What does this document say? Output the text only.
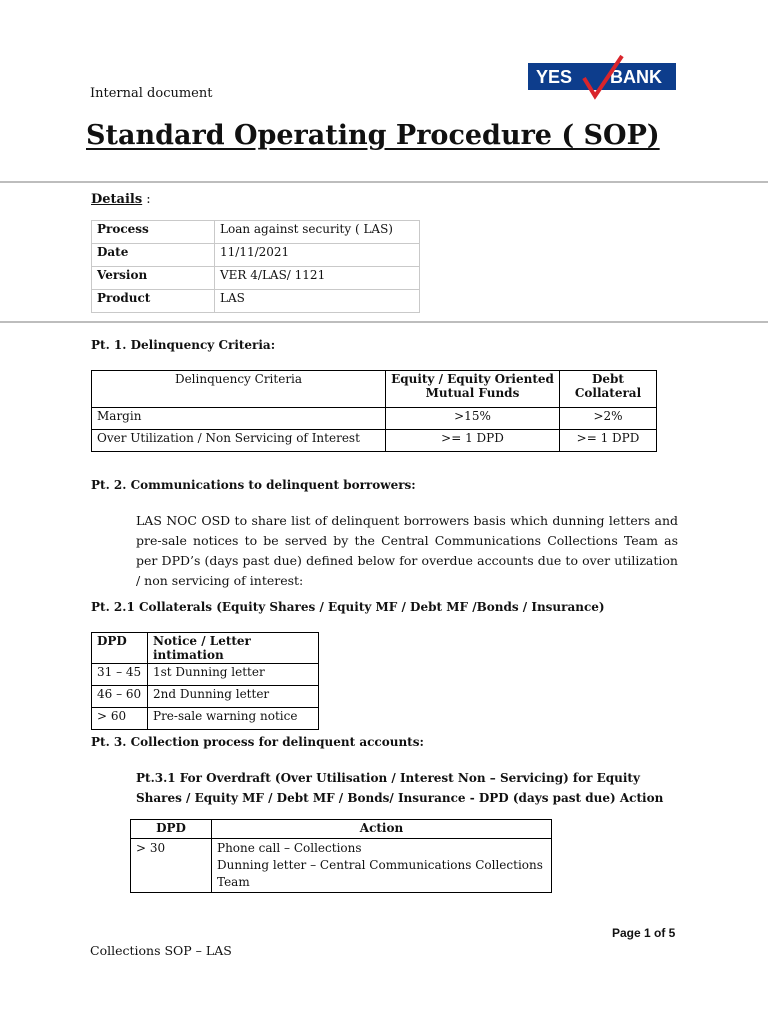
Internal document
YES BANK
Standard Operating Procedure ( SOP)
Details :
Process	Loan against security ( LAS)
Date	11/11/2021
Version	VER 4/LAS/ 1121
Product	LAS
Pt. 1. Delinquency Criteria:
Delinquency Criteria	Equity / Equity Oriented Mutual Funds	Debt Collateral
Margin	>15%	>2%
Over Utilization / Non Servicing of Interest	>= 1 DPD	>= 1 DPD
Pt. 2. Communications to delinquent borrowers:
LAS NOC OSD to share list of delinquent borrowers basis which dunning letters and pre-sale notices to be served by the Central Communications Collections Team as per DPD’s (days past due) defined below for overdue accounts due to over utilization / non servicing of interest:
Pt. 2.1 Collaterals (Equity Shares / Equity MF / Debt MF /Bonds / Insurance)
DPD	Notice / Letter intimation
31 – 45	1st Dunning letter
46 – 60	2nd Dunning letter
> 60	Pre-sale warning notice
Pt. 3. Collection process for delinquent accounts:
Pt.3.1 For Overdraft (Over Utilisation / Interest Non – Servicing) for Equity Shares / Equity MF / Debt MF / Bonds/ Insurance - DPD (days past due) Action
DPD	Action
> 30	Phone call – Collections
Dunning letter – Central Communications Collections Team
Page 1 of 5
Collections SOP – LAS
